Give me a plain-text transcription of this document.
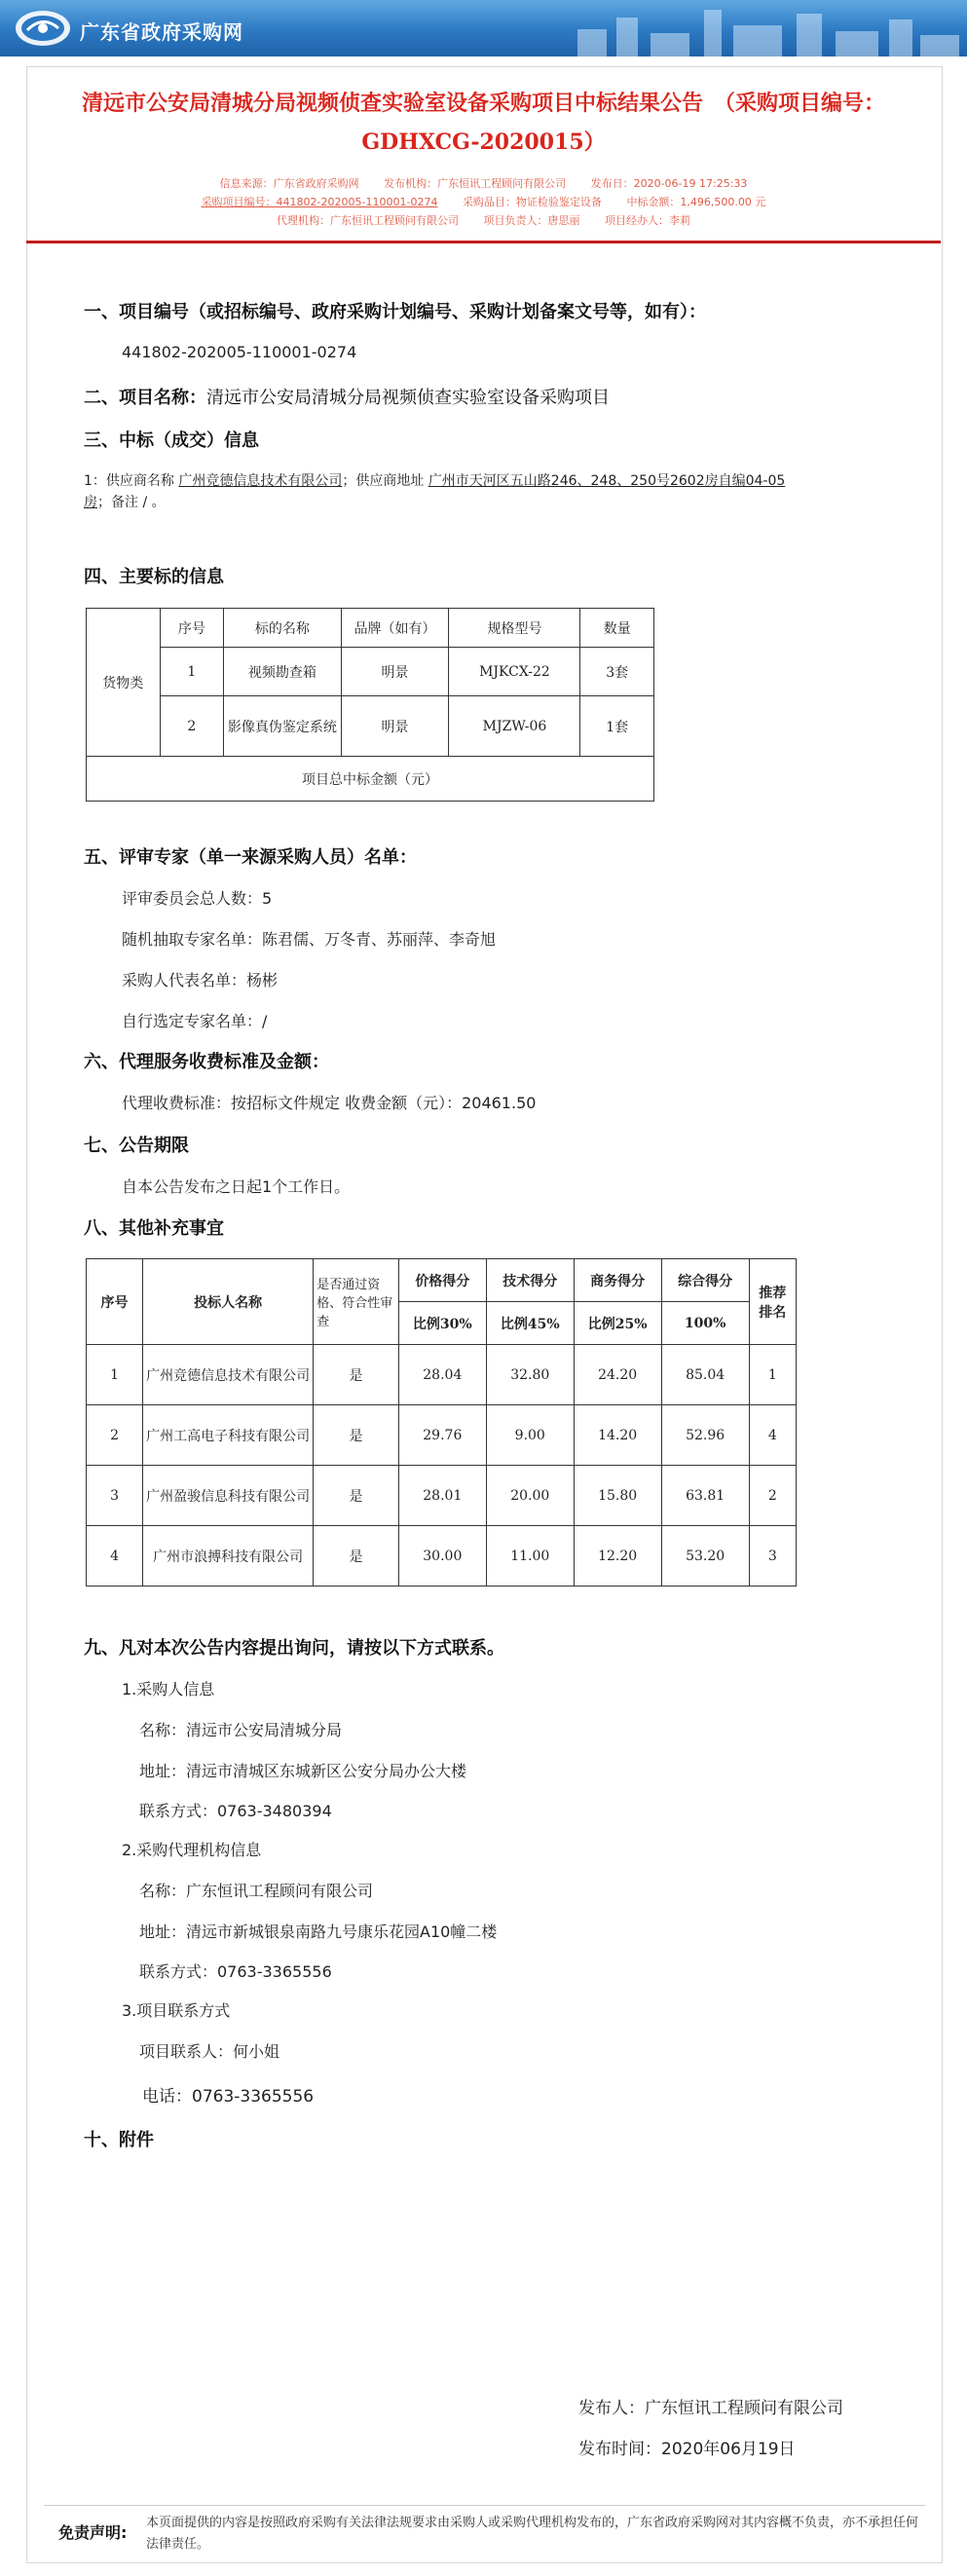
广东省政府采购网
清远市公安局清城分局视频侦查实验室设备采购项目中标结果公告　（采购项目编号：
GDHXCG-2020015）
信息来源：广东省政府采购网 发布机构：广东恒讯工程顾问有限公司 发布日：2020-06-19 17:25:33
采购项目编号：441802-202005-110001-0274 采购品目：物证检验鉴定设备 中标金额：1,496,500.00 元
代理机构：广东恒讯工程顾问有限公司 项目负责人：唐思丽 项目经办人：李莉
一、项目编号（或招标编号、政府采购计划编号、采购计划备案文号等，如有）：
441802-202005-110001-0274
二、项目名称：清远市公安局清城分局视频侦查实验室设备采购项目
三、中标（成交）信息
1：供应商名称 广州竞德信息技术有限公司；供应商地址 广州市天河区五山路246、248、250号2602房自编04-05
房；备注 / 。
四、主要标的信息
货物类	序号	标的名称	品牌（如有）	规格型号	数量
	1	视频勘查箱	明景	MJKCX-22	3套
	2	影像真伪鉴定系统	明景	MJZW-06	1套
项目总中标金额（元）					
五、评审专家（单一来源采购人员）名单：
评审委员会总人数：5
随机抽取专家名单：陈君儒、万冬青、苏丽萍、李奇旭
采购人代表名单：杨彬
自行选定专家名单：/
六、代理服务收费标准及金额：
代理收费标准：按招标文件规定 收费金额（元）：20461.50
七、公告期限
自本公告发布之日起1个工作日。
八、其他补充事宜
序号	投标人名称	是否通过资格、符合性审查	价格得分	技术得分	商务得分	综合得分	推荐排名
			比例30%	比例45%	比例25%	100%	
1	广州竞德信息技术有限公司	是	28.04	32.80	24.20	85.04	1
2	广州工高电子科技有限公司	是	29.76	9.00	14.20	52.96	4
3	广州盈骏信息科技有限公司	是	28.01	20.00	15.80	63.81	2
4	广州市浪搏科技有限公司	是	30.00	11.00	12.20	53.20	3
九、凡对本次公告内容提出询问，请按以下方式联系。
1.采购人信息
名称：清远市公安局清城分局
地址：清远市清城区东城新区公安分局办公大楼
联系方式：0763-3480394
2.采购代理机构信息
名称：广东恒讯工程顾问有限公司
地址：清远市新城银泉南路九号康乐花园A10幢二楼
联系方式：0763-3365556
3.项目联系方式
项目联系人：何小姐
电话：0763-3365556
十、附件
发布人：广东恒讯工程顾问有限公司
发布时间：2020年06月19日
免责声明:
本页面提供的内容是按照政府采购有关法律法规要求由采购人或采购代理机构发布的，广东省政府采购网对其内容概不负责，亦不承担任何法律责任。
